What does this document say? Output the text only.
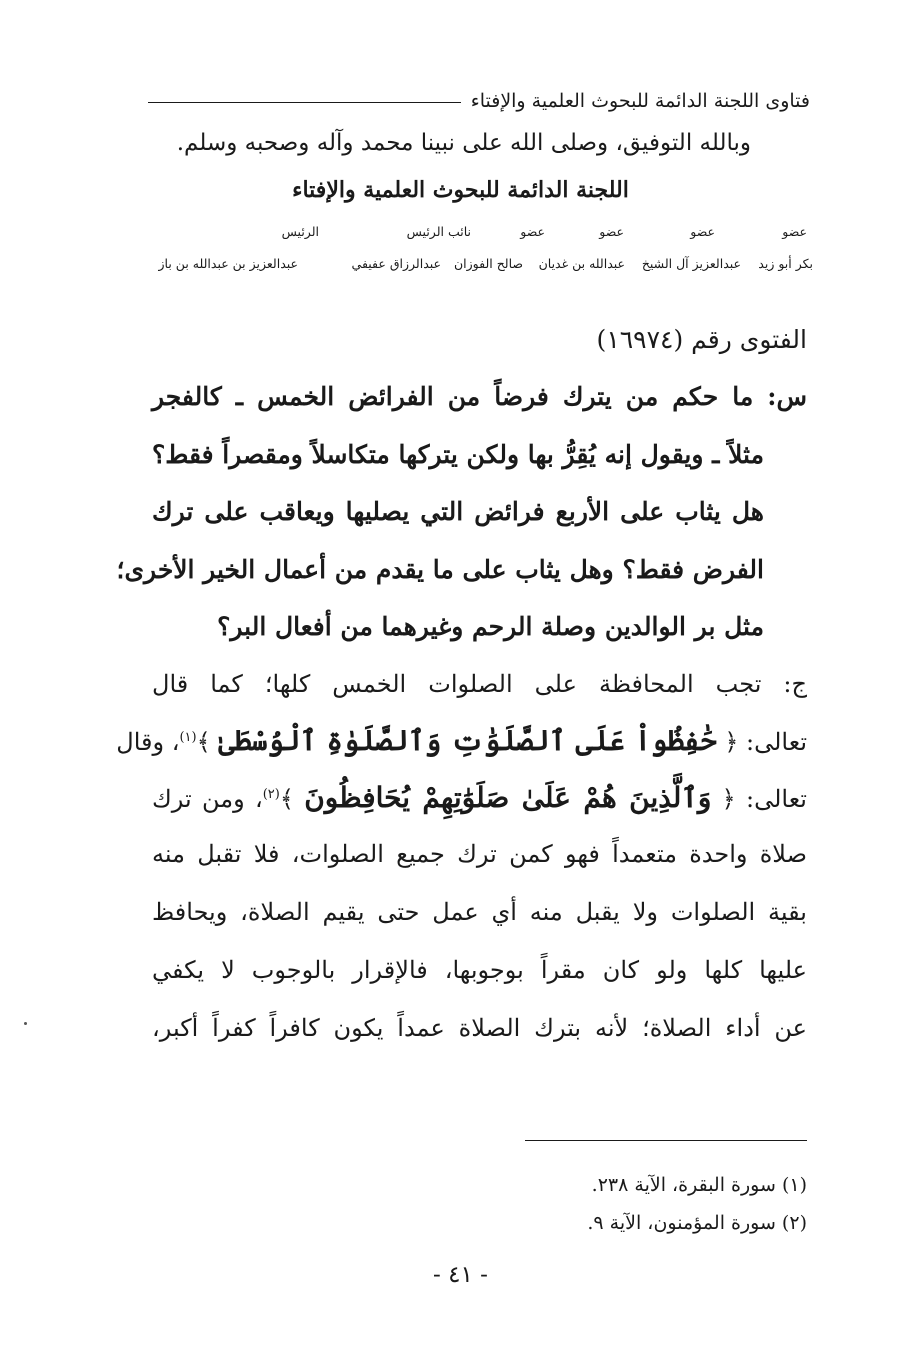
فتاوى اللجنة الدائمة للبحوث العلمية والإفتاء
وبالله التوفيق، وصلى الله على نبينا محمد وآله وصحبه وسلم.
اللجنة الدائمة للبحوث العلمية والإفتاء
عضو
عضو
عضو
عضو
نائب الرئيس
الرئيس
بكر أبو زيد
عبدالعزيز آل الشيخ
عبدالله بن غديان
صالح الفوزان
عبدالرزاق عفيفي
عبدالعزيز بن عبدالله بن باز
الفتوى رقم (١٦٩٧٤)
س: ما حكم من يترك فرضاً من الفرائض الخمس ـ كالفجر
مثلاً ـ ويقول إنه يُقِرُّ بها ولكن يتركها متكاسلاً ومقصراً فقط؟
هل يثاب على الأربع فرائض التي يصليها ويعاقب على ترك
الفرض فقط؟ وهل يثاب على ما يقدم من أعمال الخير الأخرى؛
مثل بر الوالدين وصلة الرحم وغيرهما من أفعال البر؟
ج: تجب المحافظة على الصلوات الخمس كلها؛ كما قال
تعالى: ﴿ حَٰفِظُواْ عَلَى ٱلصَّلَوَٰتِ وَٱلصَّلَوٰةِ ٱلْوُسْطَىٰ ﴾$^{(١)}$، وقال
تعالى: ﴿ وَٱلَّذِينَ هُمْ عَلَىٰ صَلَوَٰتِهِمْ يُحَافِظُونَ ﴾$^{(٢)}$، ومن ترك
صلاة واحدة متعمداً فهو كمن ترك جميع الصلوات، فلا تقبل منه
بقية الصلوات ولا يقبل منه أي عمل حتى يقيم الصلاة، ويحافظ
عليها كلها ولو كان مقراً بوجوبها، فالإقرار بالوجوب لا يكفي
عن أداء الصلاة؛ لأنه بترك الصلاة عمداً يكون كافراً كفراً أكبر،
(١) سورة البقرة، الآية ٢٣٨.
(٢) سورة المؤمنون، الآية ٩.
- ٤١ -
